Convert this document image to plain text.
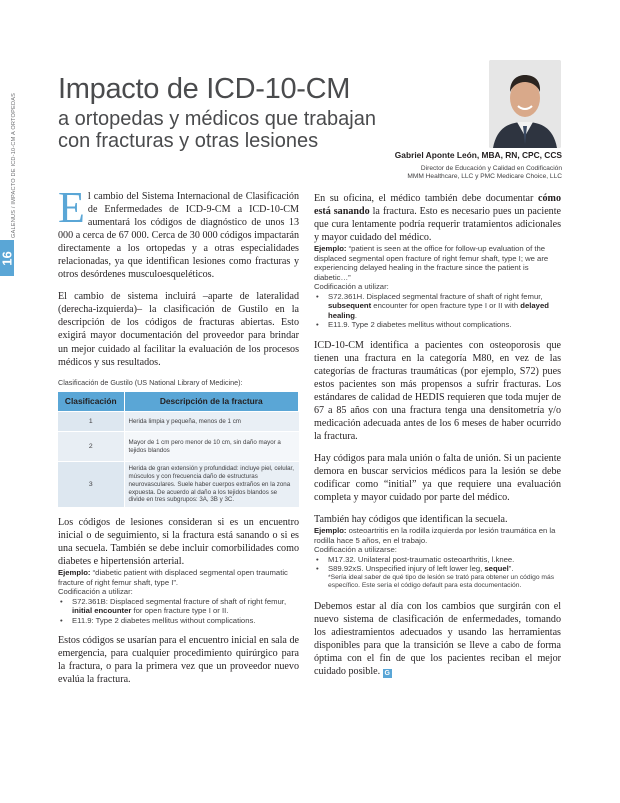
GALENUS / IMPACTO DE ICD-10-CM A ORTOPEDAS
16
Impacto de ICD-10-CM
a ortopedas y médicos que trabajan
con fracturas y otras lesiones
Gabriel Aponte León, MBA, RN, CPC, CCS
Director de Educación y Calidad en Codificación
MMM Healthcare, LLC y PMC Medicare Choice, LLC

El cambio del Sistema Internacional de Clasificación de Enfermedades de ICD-9-CM a ICD-10-CM aumentará los códigos de diagnóstico de unos 13 000 a cerca de 67 000. Cerca de 30 000 códigos impactarán directamente a los ortopedas y a otras especialidades relacionadas, ya que identifican lesiones como fracturas y otros desórdenes musculoesqueléticos.

El cambio de sistema incluirá –aparte de lateralidad (derecha-izquierda)– la clasificación de Gustilo en la descripción de los códigos de fracturas abiertas. Esto exigirá mayor documentación del proveedor para brindar un mejor cuidado al facilitar la evaluación de los procesos médicos y sus resultados.

Clasificación de Gustilo (US National Library of Medicine):
Clasificación	Descripción de la fractura
1	Herida limpia y pequeña, menos de 1 cm
2	Mayor de 1 cm pero menor de 10 cm, sin daño mayor a tejidos blandos
3	Herida de gran extensión y profundidad: incluye piel, celular, músculos y con frecuencia daño de estructuras neurovasculares. Suele haber cuerpos extraños en la zona expuesta. De acuerdo al daño a los tejidos blandos se divide en tres subgrupos: 3A, 3B y 3C.

Los códigos de lesiones consideran si es un encuentro inicial o de seguimiento, si la fractura está sanando o si es una secuela. También se debe incluir comorbilidades como diabetes e hipertensión arterial.

Ejemplo: “diabetic patient with displaced segmental open traumatic fracture of right femur shaft, type I”.
Codificación a utilizar:
• S72.361B: Displaced segmental fracture of shaft of right femur, initial encounter for open fracture type I or II.
• E11.9: Type 2 diabetes mellitus without complications.

Estos códigos se usarían para el encuentro inicial en sala de emergencia, para cualquier procedimiento quirúrgico para la fractura, o para la primera vez que un proveedor nuevo evalúa la fractura.

En su oficina, el médico también debe documentar cómo está sanando la fractura. Esto es necesario pues un paciente que cura lentamente podría requerir tratamientos adicionales y mayor cuidado del médico.

Ejemplo: “patient is seen at the office for follow-up evaluation of the displaced segmental open fracture of right femur shaft, type I; we are experiencing delayed healing in the fracture since the patient is diabetic…”
Codificación a utilizar:
• S72.361H. Displaced segmental fracture of shaft of right femur, subsequent encounter for open fracture type I or II with delayed healing.
• E11.9. Type 2 diabetes mellitus without complications.

ICD-10-CM identifica a pacientes con osteoporosis que tienen una fractura en la categoría M80, en vez de las categorías de fracturas traumáticas (por ejemplo, S72) pues estos pacientes son más propensos a sufrir fracturas. Los estándares de calidad de HEDIS requieren que toda mujer de 67 a 85 años con una fractura tenga una densitometría y/o medicación adecuada antes de los 6 meses de haber ocurrido la fractura.

Hay códigos para mala unión o falta de unión. Si un paciente demora en buscar servicios médicos para la lesión se debe codificar como “initial” ya que requiere una evaluación completa y mayor cuidado por parte del médico.

También hay códigos que identifican la secuela.

Ejemplo: osteoartritis en la rodilla izquierda por lesión traumática en la rodilla hace 5 años, en el trabajo.
Codificación a utilizarse:
• M17.32. Unilateral post-traumatic osteoarthritis, l.knee.
• S89.92xS. Unspecified injury of left lower leg, sequel”.
*Sería ideal saber de qué tipo de lesión se trató para obtener un código más específico. Este sería el código default para esta documentación.

Debemos estar al día con los cambios que surgirán con el nuevo sistema de clasificación de enfermedades, tomando los adiestramientos adecuados y usando las herramientas disponibles para que la transición se lleve a cabo de forma óptima con el fin de que los pacientes reciban el mejor cuidado posible. G
